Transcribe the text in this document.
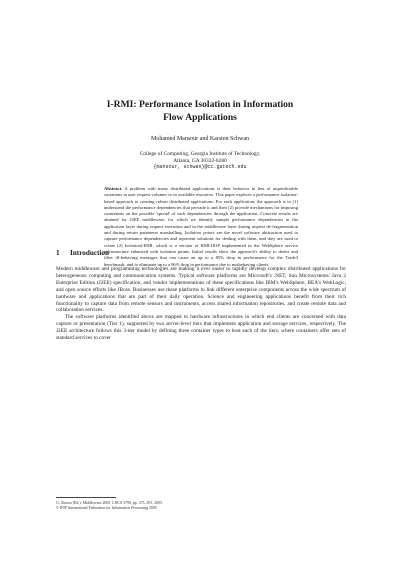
I-RMI: Performance Isolation in Information
Flow Applications
Mohamed Mansour and Karsten Schwan
College of Computing, Georgia Institute of Technology,
Atlanta, GA 30332-0280
{mansour, schwan}@cc.gatech.edu
Abstract. A problem with many distributed applications is their behavior in lieu of unpredictable variations in user request volumes or in available resources. This paper explores a performance isolation-based approach to creating robust distributed applications. For each application, the approach is to (1) understand the performance dependencies that pervade it and then (2) provide mechanisms for imposing constraints on the possible 'spread' of such dependencies through the application. Concrete results are attained for J2EE middleware, for which we identify sample performance dependencies in the application layer during request execution and in the middleware layer during request de-fragmentation and during return parameter marshalling. Isolation points are the novel software abstraction used to capture performance dependencies and represent solutions for dealing with them, and they are used to create (2) Isolation)-RMI, which is a version of RMI-IIOP implemented in the WebSphere service infrastructure enhanced with isolation points. Initial results show the approach's ability to detect and filter ill-behaving messages that can cause an up to a 85% drop in performance for the Trade3 benchmark, and to eliminate up to a 96% drop in performance due to misbehaving clients.
1 Introduction

Modern middleware and programming technologies are making it ever easier to rapidly develop complex distributed applications for heterogeneous computing and communication systems. Typical software platforms are Microsoft's .NET, Sun Microsystems' Java 2 Enterprise Edition (J2EE) specification, and vendor implementations of these specifications like IBM's WebSphere, BEA's WebLogic, and open source efforts like JBoss. Businesses use these platforms to link different enterprise components across the wide spectrum of hardware and applications that are part of their daily operation. Science and engineering applications benefit from their rich functionality to capture data from remote sensors and instruments, access shared information repositories, and create remote data and collaboration services.

The software platforms identified above are mapped to hardware infrastructures in which end clients are concerned with data capture or presentation (Tier 1), supported by two server-level tiers that implement application and storage services, respectively. The J2EE architecture follows this 3-tier model by defining three container types to host each of the tiers, where containers offer sets of standard services to cover

G. Alonso (Ed.): Middleware 2005, LNCS 3790, pp. 375–391, 2005.
© IFIP International Federation for Information Processing 2005
